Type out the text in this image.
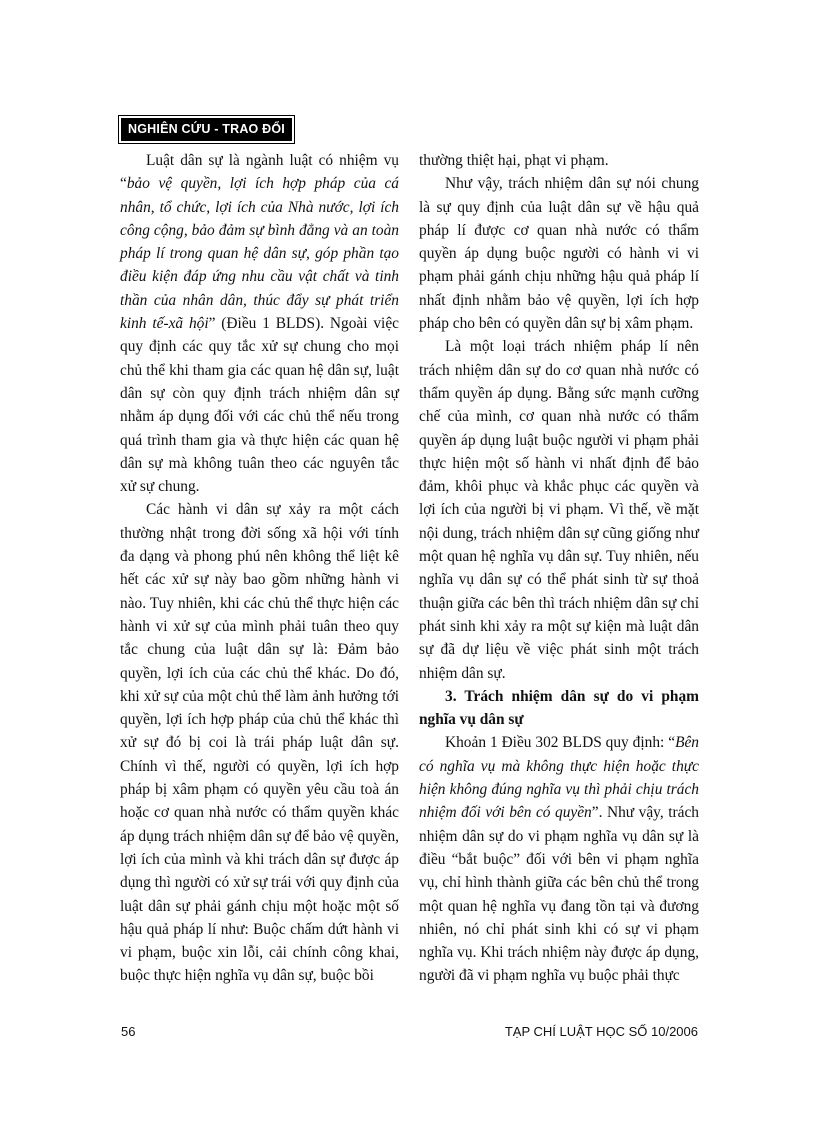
NGHIÊN CỨU - TRAO ĐỔI

Luật dân sự là ngành luật có nhiệm vụ “bảo vệ quyền, lợi ích hợp pháp của cá nhân, tổ chức, lợi ích của Nhà nước, lợi ích công cộng, bảo đảm sự bình đẳng và an toàn pháp lí trong quan hệ dân sự, góp phần tạo điều kiện đáp ứng nhu cầu vật chất và tinh thần của nhân dân, thúc đẩy sự phát triển kinh tế-xã hội” (Điều 1 BLDS). Ngoài việc quy định các quy tắc xử sự chung cho mọi chủ thể khi tham gia các quan hệ dân sự, luật dân sự còn quy định trách nhiệm dân sự nhằm áp dụng đối với các chủ thể nếu trong quá trình tham gia và thực hiện các quan hệ dân sự mà không tuân theo các nguyên tắc xử sự chung.

Các hành vi dân sự xảy ra một cách thường nhật trong đời sống xã hội với tính đa dạng và phong phú nên không thể liệt kê hết các xử sự này bao gồm những hành vi nào. Tuy nhiên, khi các chủ thể thực hiện các hành vi xử sự của mình phải tuân theo quy tắc chung của luật dân sự là: Đảm bảo quyền, lợi ích của các chủ thể khác. Do đó, khi xử sự của một chủ thể làm ảnh hưởng tới quyền, lợi ích hợp pháp của chủ thể khác thì xử sự đó bị coi là trái pháp luật dân sự. Chính vì thế, người có quyền, lợi ích hợp pháp bị xâm phạm có quyền yêu cầu toà án hoặc cơ quan nhà nước có thẩm quyền khác áp dụng trách nhiệm dân sự để bảo vệ quyền, lợi ích của mình và khi trách dân sự được áp dụng thì người có xử sự trái với quy định của luật dân sự phải gánh chịu một hoặc một số hậu quả pháp lí như: Buộc chấm dứt hành vi vi phạm, buộc xin lỗi, cải chính công khai, buộc thực hiện nghĩa vụ dân sự, buộc bồi

thường thiệt hại, phạt vi phạm.

Như vậy, trách nhiệm dân sự nói chung là sự quy định của luật dân sự về hậu quả pháp lí được cơ quan nhà nước có thẩm quyền áp dụng buộc người có hành vi vi phạm phải gánh chịu những hậu quả pháp lí nhất định nhằm bảo vệ quyền, lợi ích hợp pháp cho bên có quyền dân sự bị xâm phạm.

Là một loại trách nhiệm pháp lí nên trách nhiệm dân sự do cơ quan nhà nước có thẩm quyền áp dụng. Bằng sức mạnh cưỡng chế của mình, cơ quan nhà nước có thẩm quyền áp dụng luật buộc người vi phạm phải thực hiện một số hành vi nhất định để bảo đảm, khôi phục và khắc phục các quyền và lợi ích của người bị vi phạm. Vì thế, về mặt nội dung, trách nhiệm dân sự cũng giống như một quan hệ nghĩa vụ dân sự. Tuy nhiên, nếu nghĩa vụ dân sự có thể phát sinh từ sự thoả thuận giữa các bên thì trách nhiệm dân sự chỉ phát sinh khi xảy ra một sự kiện mà luật dân sự đã dự liệu về việc phát sinh một trách nhiệm dân sự.

3. Trách nhiệm dân sự do vi phạm nghĩa vụ dân sự

Khoản 1 Điều 302 BLDS quy định: “Bên có nghĩa vụ mà không thực hiện hoặc thực hiện không đúng nghĩa vụ thì phải chịu trách nhiệm đối với bên có quyền”. Như vậy, trách nhiệm dân sự do vi phạm nghĩa vụ dân sự là điều “bắt buộc” đối với bên vi phạm nghĩa vụ, chỉ hình thành giữa các bên chủ thể trong một quan hệ nghĩa vụ đang tồn tại và đương nhiên, nó chỉ phát sinh khi có sự vi phạm nghĩa vụ. Khi trách nhiệm này được áp dụng, người đã vi phạm nghĩa vụ buộc phải thực

56	TẠP CHÍ LUẬT HỌC SỐ 10/2006
